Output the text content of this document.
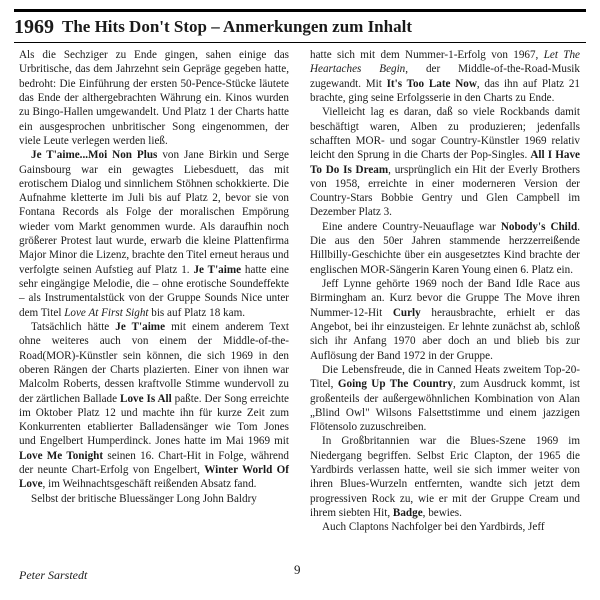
1969 The Hits Don't Stop – Anmerkungen zum Inhalt

Als die Sechziger zu Ende gingen, sahen einige das Urbritische, das dem Jahrzehnt sein Gepräge gegeben hatte, bedroht: Die Einführung der ersten 50-Pence-Stücke läutete das Ende der althergebrachten Währung ein. Kinos wurden zu Bingo-Hallen umgewandelt. Und Platz 1 der Charts hatte ein ausgesprochen unbritischer Song eingenommen, der viele Leute verlegen werden ließ.

Je T'aime...Moi Non Plus von Jane Birkin und Serge Gainsbourg war ein gewagtes Liebesduett, das mit erotischem Dialog und sinnlichem Stöhnen schokkierte. Die Aufnahme kletterte im Juli bis auf Platz 2, bevor sie von Fontana Records als Folge der moralischen Empörung wieder vom Markt genommen wurde. Als daraufhin noch größerer Protest laut wurde, erwarb die kleine Plattenfirma Major Minor die Lizenz, brachte den Titel erneut heraus und verfolgte seinen Aufstieg auf Platz 1. Je T'aime hatte eine sehr eingängige Melodie, die – ohne erotische Soundeffekte – als Instrumentalstück von der Gruppe Sounds Nice unter dem Titel Love At First Sight bis auf Platz 18 kam.

Tatsächlich hätte Je T'aime mit einem anderem Text ohne weiteres auch von einem der Middle-of-the-Road(MOR)-Künstler sein können, die sich 1969 in den oberen Rängen der Charts plazierten. Einer von ihnen war Malcolm Roberts, dessen kraftvolle Stimme wundervoll zu der zärtlichen Ballade Love Is All paßte. Der Song erreichte im Oktober Platz 12 und machte ihn für kurze Zeit zum Konkurrenten etablierter Balladensänger wie Tom Jones und Engelbert Humperdinck. Jones hatte im Mai 1969 mit Love Me Tonight seinen 16. Chart-Hit in Folge, während der neunte Chart-Erfolg von Engelbert, Winter World Of Love, im Weihnachtsgeschäft reißenden Absatz fand.

Selbst der britische Bluessänger Long John Baldry

hatte sich mit dem Nummer-1-Erfolg von 1967, Let The Heartaches Begin, der Middle-of-the-Road-Musik zugewandt. Mit It's Too Late Now, das ihn auf Platz 21 brachte, ging seine Erfolgsserie in den Charts zu Ende.

Vielleicht lag es daran, daß so viele Rockbands damit beschäftigt waren, Alben zu produzieren; jedenfalls schafften MOR- und sogar Country-Künstler 1969 relativ leicht den Sprung in die Charts der Pop-Singles. All I Have To Do Is Dream, ursprünglich ein Hit der Everly Brothers von 1958, erreichte in einer moderneren Version der Country-Stars Bobbie Gentry und Glen Campbell im Dezember Platz 3.

Eine andere Country-Neuauflage war Nobody's Child. Die aus den 50er Jahren stammende herzzerreißende Hillbilly-Geschichte über ein ausgesetztes Kind brachte der englischen MOR-Sängerin Karen Young einen 6. Platz ein.

Jeff Lynne gehörte 1969 noch der Band Idle Race aus Birmingham an. Kurz bevor die Gruppe The Move ihren Nummer-12-Hit Curly herausbrachte, erhielt er das Angebot, bei ihr einzusteigen. Er lehnte zunächst ab, schloß sich ihr Anfang 1970 aber doch an und blieb bis zur Auflösung der Band 1972 in der Gruppe.

Die Lebensfreude, die in Canned Heats zweitem Top-20-Titel, Going Up The Country, zum Ausdruck kommt, ist großenteils der außergewöhnlichen Kombination von Alan „Blind Owl" Wilsons Falsettstimme und einem jazzigen Flötensolo zuzuschreiben.

In Großbritannien war die Blues-Szene 1969 im Niedergang begriffen. Selbst Eric Clapton, der 1965 die Yardbirds verlassen hatte, weil sie sich immer weiter von ihren Blues-Wurzeln entfernten, wandte sich jetzt dem progressiven Rock zu, wie er mit der Gruppe Cream und ihrem siebten Hit, Badge, bewies.

Auch Claptons Nachfolger bei den Yardbirds, Jeff

Peter Sarstedt	9
